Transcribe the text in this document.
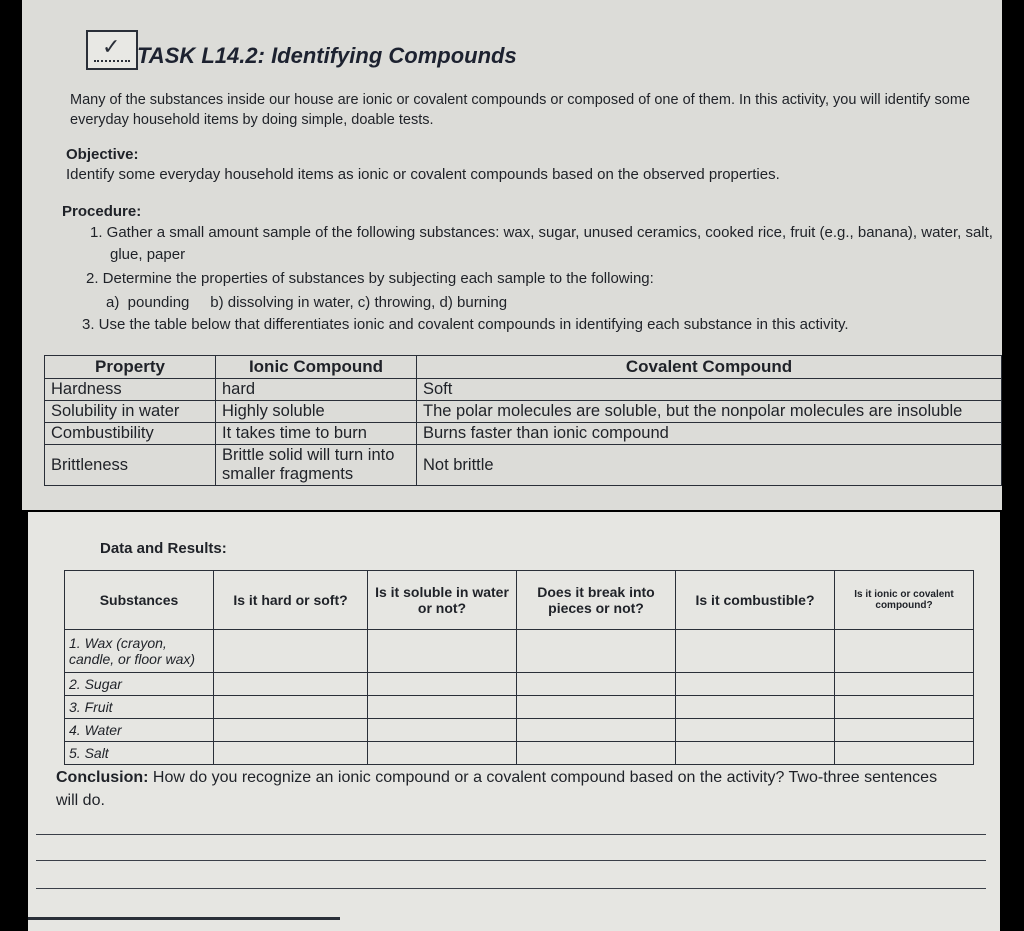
✓ TASK L14.2: Identifying Compounds
Many of the substances inside our house are ionic or covalent compounds or composed of one of them. In this activity, you will identify some everyday household items by doing simple, doable tests.
Objective:
Identify some everyday household items as ionic or covalent compounds based on the observed properties.
Procedure:
1. Gather a small amount sample of the following substances: wax, sugar, unused ceramics, cooked rice, fruit (e.g., banana), water, salt, glue, paper
2. Determine the properties of substances by subjecting each sample to the following:
a)  pounding     b) dissolving in water, c) throwing, d) burning
3. Use the table below that differentiates ionic and covalent compounds in identifying each substance in this activity.
Property	Ionic Compound	Covalent Compound
Hardness	hard	Soft
Solubility in water	Highly soluble	The polar molecules are soluble, but the nonpolar molecules are insoluble
Combustibility	It takes time to burn	Burns faster than ionic compound
Brittleness	Brittle solid will turn into smaller fragments	Not brittle
Data and Results:
Substances	Is it hard or soft?	Is it soluble in water or not?	Does it break into pieces or not?	Is it combustible?	Is it ionic or covalent compound?
1. Wax (crayon, candle, or floor wax)					
2. Sugar					
3. Fruit					
4. Water					
5. Salt					
Conclusion: How do you recognize an ionic compound or a covalent compound based on the activity? Two-three sentences will do.
